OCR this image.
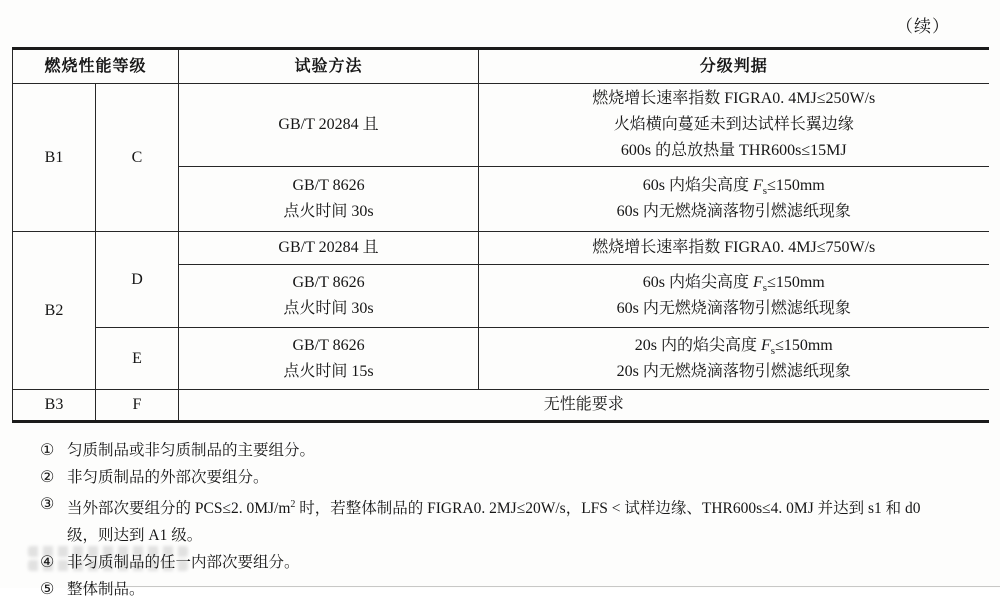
（续）
燃烧性能等级		试验方法	分级判据
B1	C	GB/T 20284 且	燃烧增长速率指数 FIGRA0. 4MJ≤250W/s
火焰横向蔓延未到达试样长翼边缘
600s 的总放热量 THR600s≤15MJ
		GB/T 8626
点火时间 30s	60s 内焰尖高度 $F_s\le 150mm$
60s 内无燃烧滴落物引燃滤纸现象
B2	D	GB/T 20284 且	燃烧增长速率指数 FIGRA0. 4MJ≤750W/s
		GB/T 8626
点火时间 30s	60s 内焰尖高度 $F_s\le 150mm$
60s 内无燃烧滴落物引燃滤纸现象
	E	GB/T 8626
点火时间 15s	20s 内的焰尖高度 $F_s\le 150mm$
20s 内无燃烧滴落物引燃滤纸现象
B3	F	无性能要求	
① 匀质制品或非匀质制品的主要组分。
② 非匀质制品的外部次要组分。
③ 当外部次要组分的 PCS≤2. $0MJ/m^2$ 时，若整体制品的 FIGRA0. 2MJ≤20W/s，LFS < 试样边缘、THR600s≤4. 0MJ 并达到 s1 和 d0
级，则达到 A1 级。
④ 非匀质制品的任一内部次要组分。
⑤ 整体制品。
